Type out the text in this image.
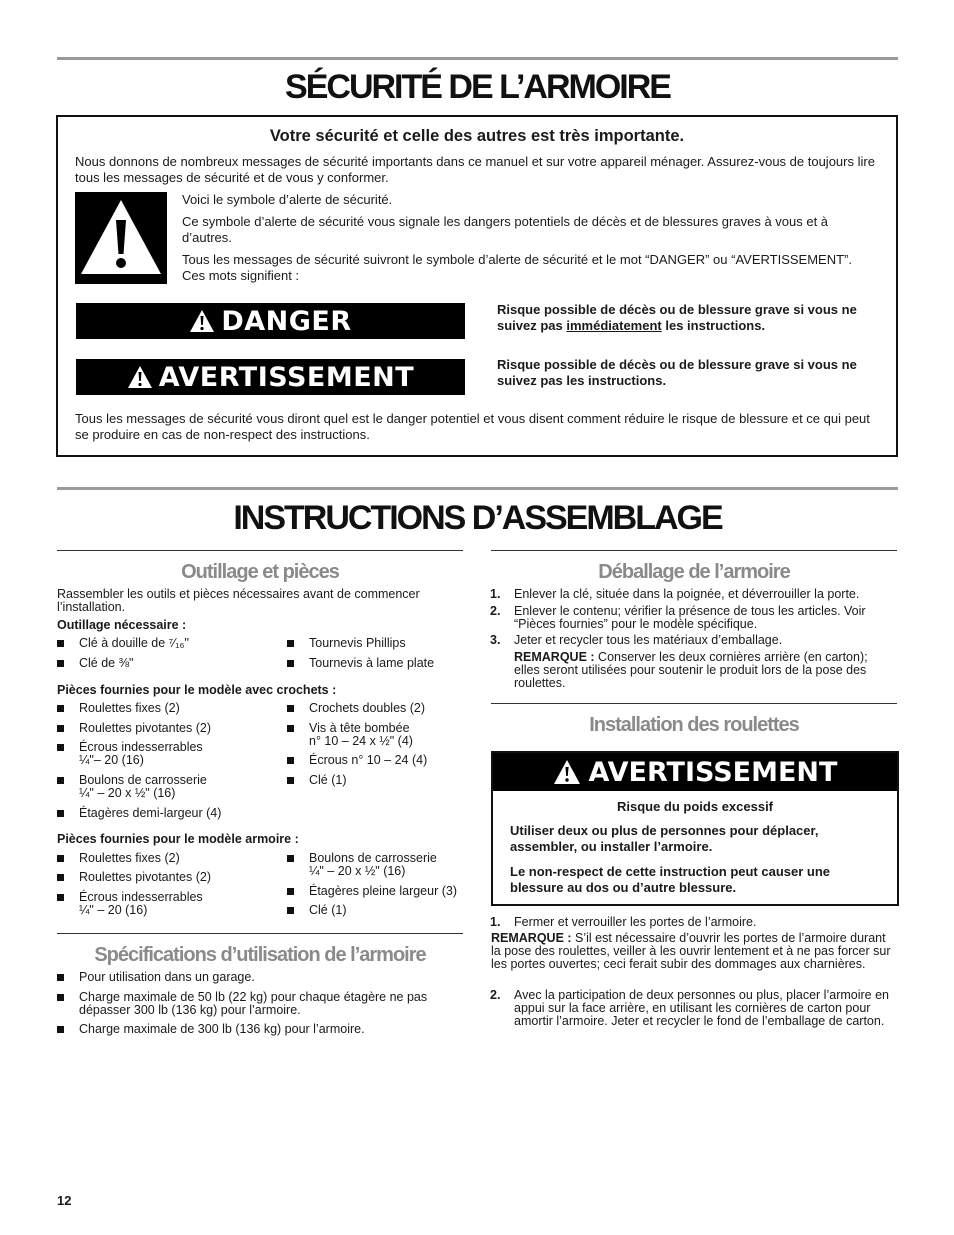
SÉCURITÉ DE L’ARMOIRE
Votre sécurité et celle des autres est très importante.

Nous donnons de nombreux messages de sécurité importants dans ce manuel et sur votre appareil ménager. Assurez-vous de toujours lire tous les messages de sécurité et de vous y conformer.

Voici le symbole d’alerte de sécurité.

Ce symbole d’alerte de sécurité vous signale les dangers potentiels de décès et de blessures graves à vous et à d’autres.

Tous les messages de sécurité suivront le symbole d’alerte de sécurité et le mot “DANGER” ou “AVERTISSEMENT”. Ces mots signifient :

DANGER	Risque possible de décès ou de blessure grave si vous ne suivez pas immédiatement les instructions.

AVERTISSEMENT	Risque possible de décès ou de blessure grave si vous ne suivez pas les instructions.

Tous les messages de sécurité vous diront quel est le danger potentiel et vous disent comment réduire le risque de blessure et ce qui peut se produire en cas de non-respect des instructions.

INSTRUCTIONS D’ASSEMBLAGE
Outillage et pièces
Rassembler les outils et pièces nécessaires avant de commencer l’installation.
Outillage nécessaire :
Clé à douille de ⁷⁄₁₆"	Tournevis Phillips
Clé de ⅜"	Tournevis à lame plate
Pièces fournies pour le modèle avec crochets :
Roulettes fixes (2)
Roulettes pivotantes (2)
Écrous indesserrables ¼"– 20 (16)
Boulons de carrosserie ¼" – 20 x ½" (16)
Étagères demi-largeur (4)
Crochets doubles (2)
Vis à tête bombée n° 10 – 24 x ½" (4)
Écrous n° 10 – 24 (4)
Clé (1)
Pièces fournies pour le modèle armoire :
Roulettes fixes (2)
Roulettes pivotantes (2)
Écrous indesserrables ¼" – 20 (16)
Boulons de carrosserie ¼" – 20 x ½" (16)
Étagères pleine largeur (3)
Clé (1)
Spécifications d’utilisation de l’armoire
Pour utilisation dans un garage.
Charge maximale de 50 lb (22 kg) pour chaque étagère ne pas dépasser 300 lb (136 kg) pour l’armoire.
Charge maximale de 300 lb (136 kg) pour l’armoire.
Déballage de l’armoire
1. Enlever la clé, située dans la poignée, et déverrouiller la porte.
2. Enlever le contenu; vérifier la présence de tous les articles. Voir “Pièces fournies” pour le modèle spécifique.
3. Jeter et recycler tous les matériaux d’emballage.
REMARQUE : Conserver les deux cornières arrière (en carton); elles seront utilisées pour soutenir le produit lors de la pose des roulettes.
Installation des roulettes
AVERTISSEMENT

Risque du poids excessif

Utiliser deux ou plus de personnes pour déplacer, assembler, ou installer l’armoire.

Le non-respect de cette instruction peut causer une blessure au dos ou d’autre blessure.

1. Fermer et verrouiller les portes de l’armoire.
REMARQUE : S’il est nécessaire d’ouvrir les portes de l’armoire durant la pose des roulettes, veiller à les ouvrir lentement et à ne pas forcer sur les portes ouvertes; ceci ferait subir des dommages aux charnières.
2. Avec la participation de deux personnes ou plus, placer l’armoire en appui sur la face arrière, en utilisant les cornières de carton pour amortir l’armoire. Jeter et recycler le fond de l’emballage de carton.
12
